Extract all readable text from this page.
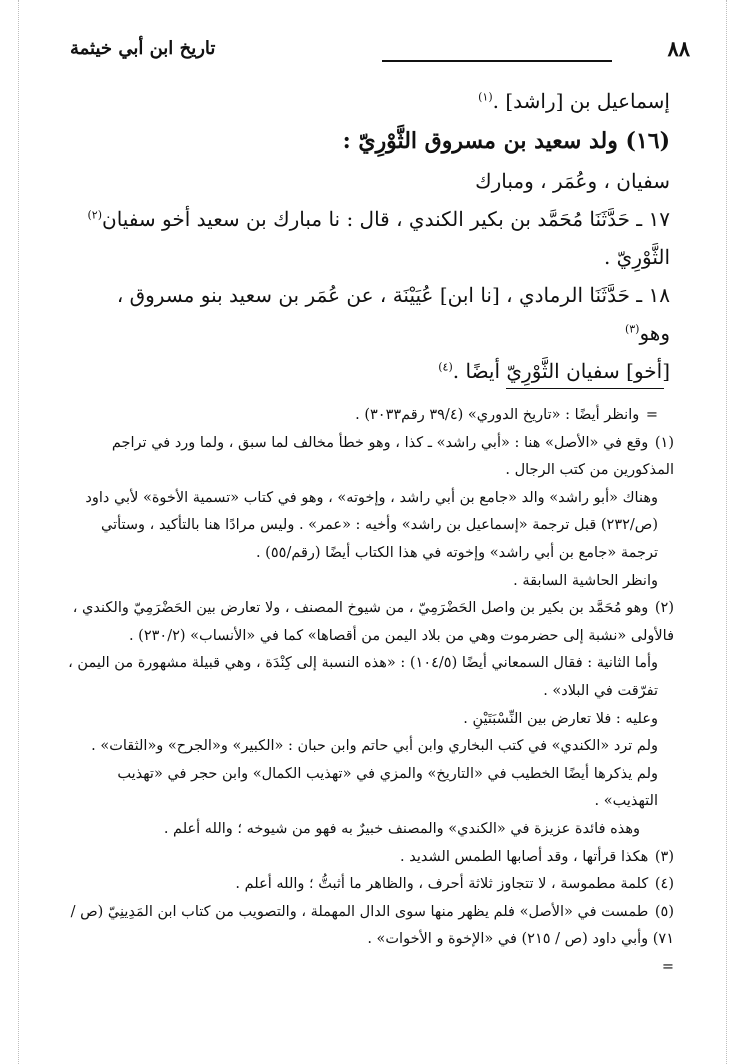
٨٨
تاريخ ابن أبي خيثمة

إسماعيل بن [راشد] .$^{(١)}$

(١٦) ولد سعيد بن مسروق الثَّوْرِيّ :

سفيان ، وعُمَر ، ومبارك

١٧ ـ حَدَّثَنَا مُحَمَّد بن بكير الكندي ، قال : نا مبارك بن سعيد أخو سفيان$^{(٢)}$

الثَّوْرِيّ .

١٨ ـ حَدَّثَنَا الرمادي ، [نا ابن] عُيَيْنَة ، عن عُمَر بن سعيد بنو مسروق ، وهو$^{(٣)}$

[أخو] سفيان الثَّوْرِيّ أيضًا .$^{(٤)}$

= وانظر أيضًا : «تاريخ الدوري» (٣٩/٤ رقم٣٠٣٣) .

(١) وقع في «الأصل» هنا : «أبي راشد» ـ كذا ، وهو خطأ مخالف لما سبق ، ولما ورد في تراجم المذكورين من كتب الرجال .

وهناك «أبو راشد» والد «جامع بن أبي راشد ، وإخوته» ، وهو في كتاب «تسمية الأخوة» لأبي داود (ص/٢٣٢) قبل ترجمة «إسماعيل بن راشد» وأخيه : «عمر» . وليس مرادًا هنا بالتأكيد ، وستأتي ترجمة «جامع بن أبي راشد» وإخوته في هذا الكتاب أيضًا (رقم/٥٥) .

وانظر الحاشية السابقة .

(٢) وهو مُحَمَّد بن بكير بن واصل الحَضْرَمِيّ ، من شيوخ المصنف ، ولا تعارض بين الحَضْرَمِيّ والكندي ، فالأولى «نشبة إلى حضرموت وهي من بلاد اليمن من أقصاها» كما في «الأنساب» (٢٣٠/٢) .

وأما الثانية : فقال السمعاني أيضًا (١٠٤/٥) : «هذه النسبة إلى كِنْدَة ، وهي قبيلة مشهورة من اليمن ، تفرّقت في البلاد» .

وعليه : فلا تعارض بين النِّسْبَتَيْنِ .

ولم ترد «الكندي» في كتب البخاري وابن أبي حاتم وابن حبان : «الكبير» و«الجرح» و«الثقات» .

ولم يذكرها أيضًا الخطيب في «التاريخ» والمزي في «تهذيب الكمال» وابن حجر في «تهذيب التهذيب» .

وهذه فائدة عزيزة في «الكندي» والمصنف خبيرٌ به فهو من شيوخه ؛ والله أعلم .

(٣) هكذا قرأتها ، وقد أصابها الطمس الشديد .

(٤) كلمة مطموسة ، لا تتجاوز ثلاثة أحرف ، والظاهر ما أثبتُّ ؛ والله أعلم .

(٥) طمست في «الأصل» فلم يظهر منها سوى الدال المهملة ، والتصويب من كتاب ابن المَدِينِيّ (ص / ٧١) وأبي داود (ص / ٢١٥) في «الإخوة و الأخوات» .

=
